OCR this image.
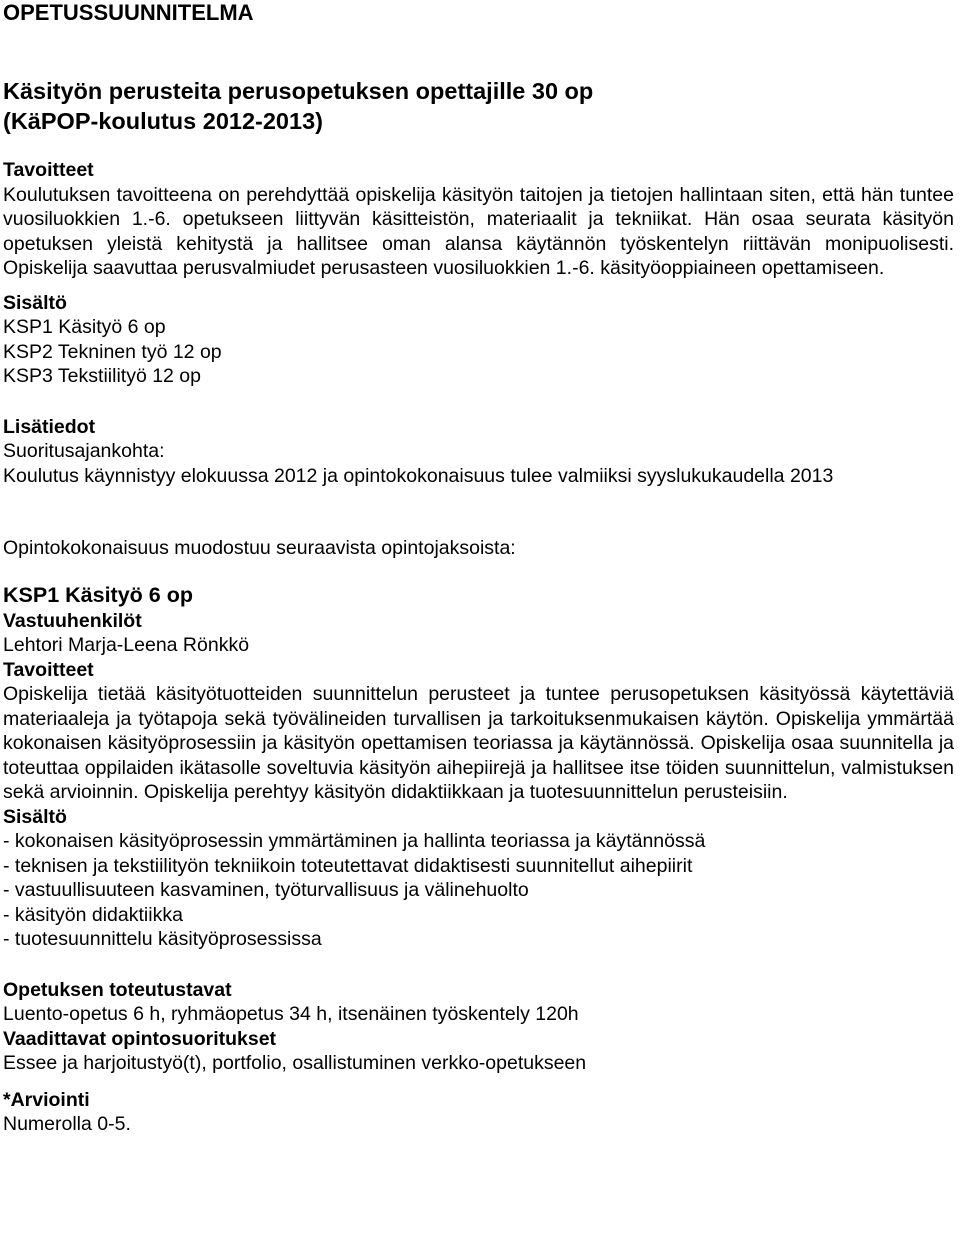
OPETUSSUUNNITELMA
Käsityön perusteita perusopetuksen opettajille 30 op
(KäPOP-koulutus 2012-2013)
Tavoitteet

Koulutuksen tavoitteena on perehdyttää opiskelija käsityön taitojen ja tietojen hallintaan siten, että hän tuntee vuosiluokkien 1.-6. opetukseen liittyvän käsitteistön, materiaalit ja tekniikat. Hän osaa seurata käsityön opetuksen yleistä kehitystä ja hallitsee oman alansa käytännön työskentelyn riittävän monipuolisesti. Opiskelija saavuttaa perusvalmiudet perusasteen vuosiluokkien 1.-6. käsityöoppiaineen opettamiseen.

Sisältö
KSP1 Käsityö 6 op
KSP2 Tekninen työ 12 op
KSP3 Tekstiilityö 12 op
Lisätiedot

Suoritusajankohta:

Koulutus käynnistyy elokuussa 2012 ja opintokokonaisuus tulee valmiiksi syyslukukaudella 2013

Opintokokonaisuus muodostuu seuraavista opintojaksoista:

KSP1 Käsityö 6 op
Vastuuhenkilöt

Lehtori Marja-Leena Rönkkö

Tavoitteet

Opiskelija tietää käsityötuotteiden suunnittelun perusteet ja tuntee perusopetuksen käsityössä käytettäviä materiaaleja ja työtapoja sekä työvälineiden turvallisen ja tarkoituksenmukaisen käytön. Opiskelija ymmärtää kokonaisen käsityöprosessiin ja käsityön opettamisen teoriassa ja käytännössä. Opiskelija osaa suunnitella ja toteuttaa oppilaiden ikätasolle soveltuvia käsityön aihepiirejä ja hallitsee itse töiden suunnittelun, valmistuksen sekä arvioinnin. Opiskelija perehtyy käsityön didaktiikkaan ja tuotesuunnittelun perusteisiin.

Sisältö
- kokonaisen käsityöprosessin ymmärtäminen ja hallinta teoriassa ja käytännössä
- teknisen ja tekstiilityön tekniikoin toteutettavat didaktisesti suunnitellut aihepiirit
- vastuullisuuteen kasvaminen, työturvallisuus ja välinehuolto
- käsityön didaktiikka
- tuotesuunnittelu käsityöprosessissa
Opetuksen toteutustavat

Luento-opetus 6 h, ryhmäopetus 34 h, itsenäinen työskentely 120h

Vaadittavat opintosuoritukset

Essee ja harjoitustyö(t), portfolio, osallistuminen verkko-opetukseen

*Arviointi

Numerolla 0-5.
